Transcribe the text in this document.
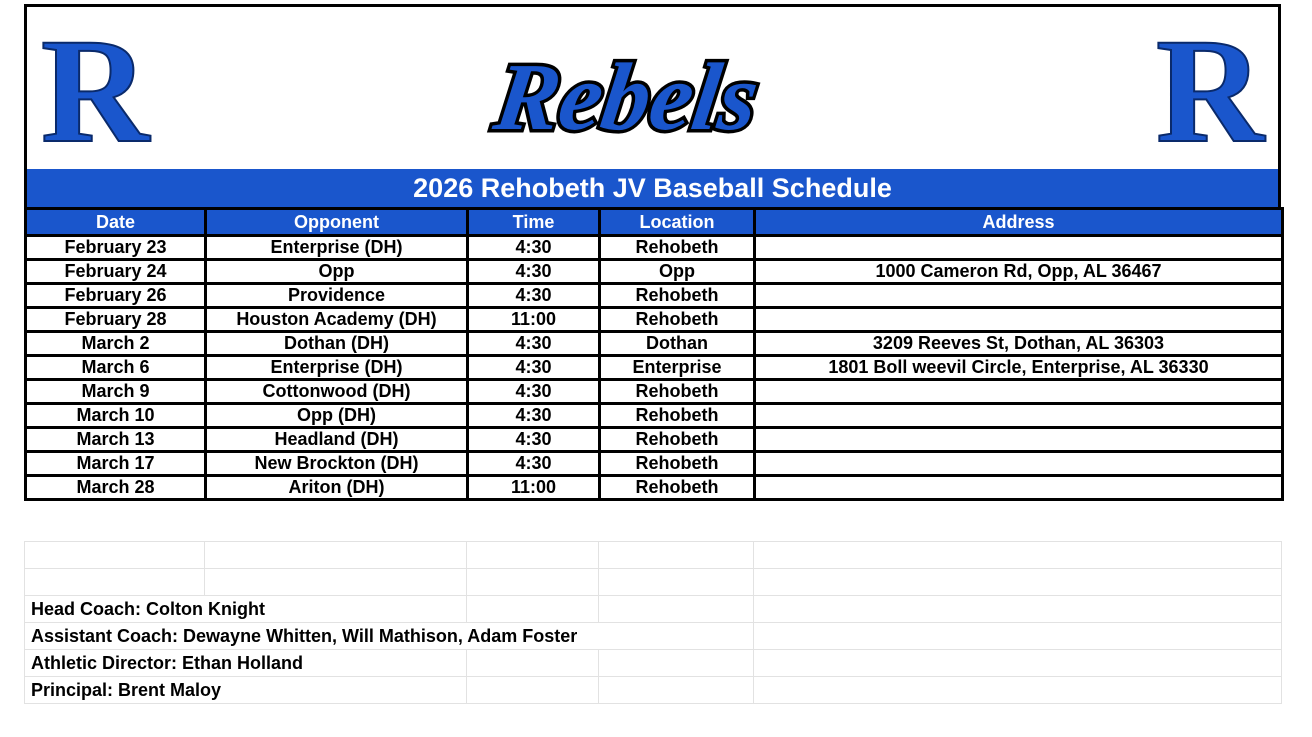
R	Rebels	R
2026 Rehobeth JV Baseball Schedule
Date	Opponent	Time	Location	Address
February 23	Enterprise (DH)	4:30	Rehobeth	
February 24	Opp	4:30	Opp	1000 Cameron Rd, Opp, AL 36467
February 26	Providence	4:30	Rehobeth	
February 28	Houston Academy (DH)	11:00	Rehobeth	
March 2	Dothan (DH)	4:30	Dothan	3209 Reeves St, Dothan, AL 36303
March 6	Enterprise (DH)	4:30	Enterprise	1801 Boll weevil Circle, Enterprise, AL 36330
March 9	Cottonwood (DH)	4:30	Rehobeth	
March 10	Opp (DH)	4:30	Rehobeth	
March 13	Headland (DH)	4:30	Rehobeth	
March 17	New Brockton (DH)	4:30	Rehobeth	
March 28	Ariton (DH)	11:00	Rehobeth	

Head Coach: Colton Knight				
Assistant Coach: Dewayne Whitten, Will Mathison, Adam Foster				
Athletic Director: Ethan Holland				
Principal: Brent Maloy				
